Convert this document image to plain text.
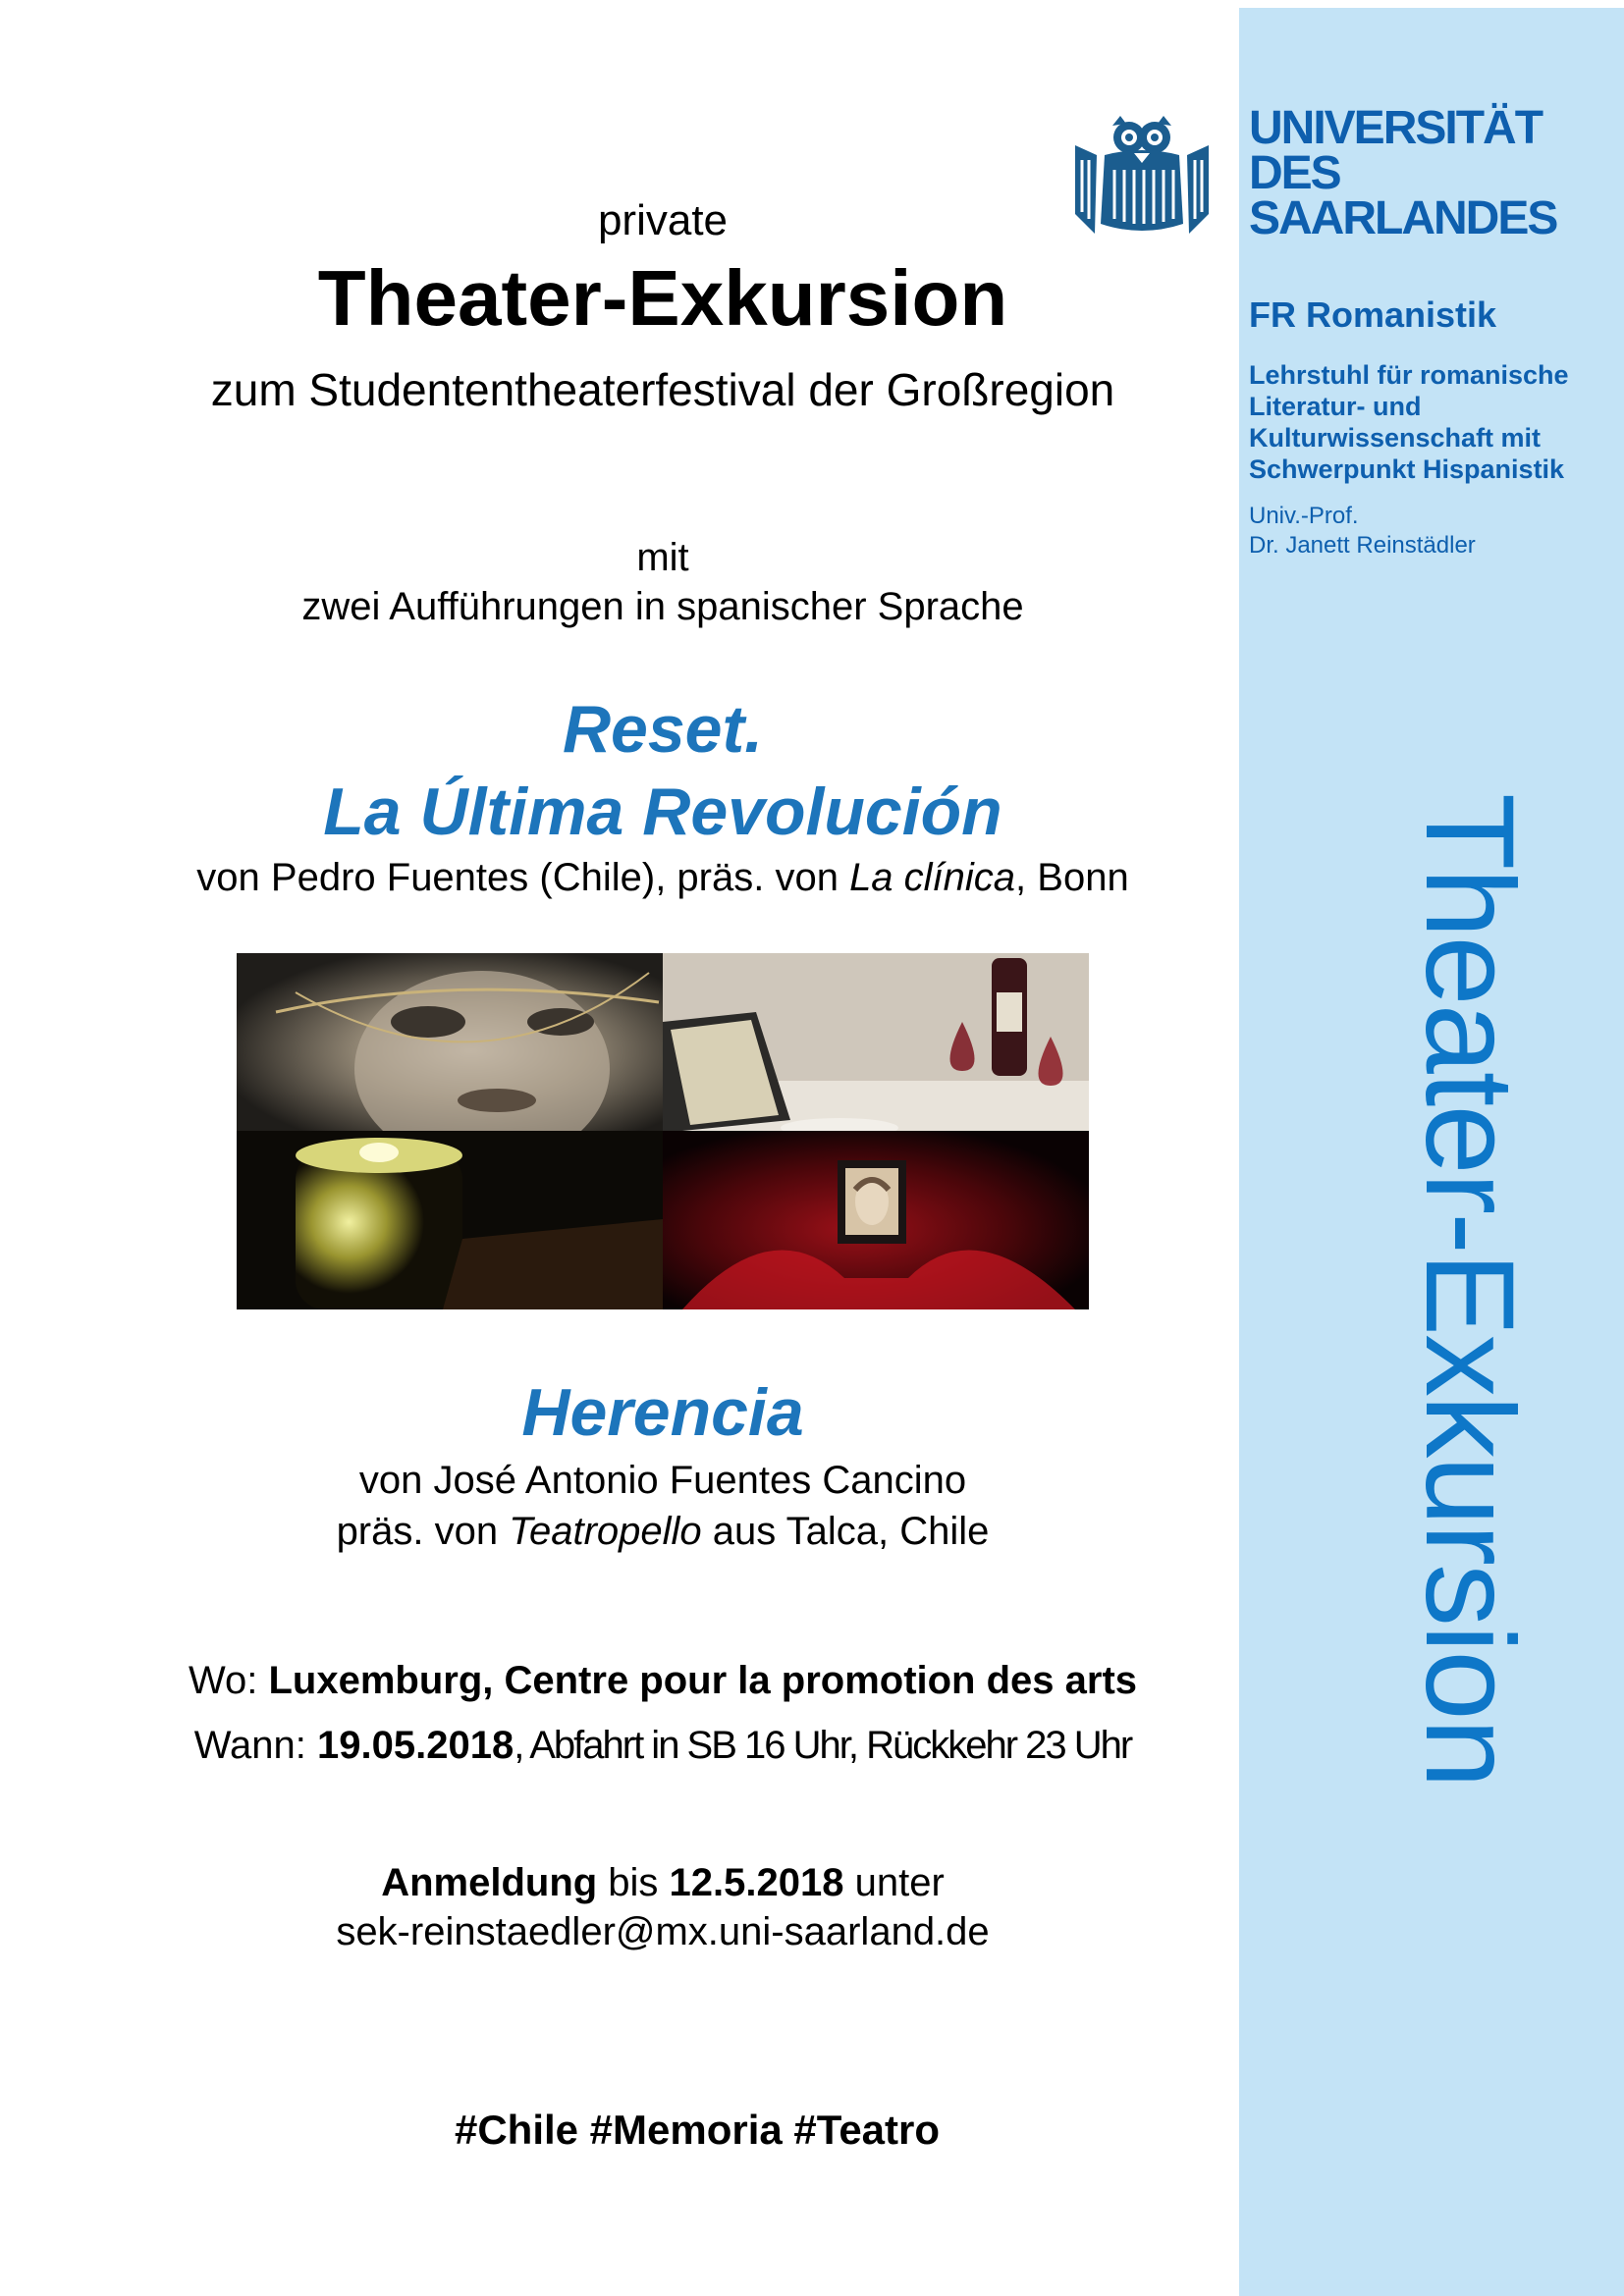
private
Theater-Exkursion
zum Studententheaterfestival der Großregion
mit
zwei Aufführungen in spanischer Sprache
Reset.
La Última Revolución
von Pedro Fuentes (Chile), präs. von La clínica, Bonn
Herencia
von José Antonio Fuentes Cancino
präs. von Teatropello aus Talca, Chile
Wo: Luxemburg, Centre pour la promotion des arts
Wann: 19.05.2018, Abfahrt in SB 16 Uhr, Rückkehr 23 Uhr
Anmeldung bis 12.5.2018 unter
sek-reinstaedler@mx.uni-saarland.de
#Chile #Memoria #Teatro
UNIVERSITÄT
DES
SAARLANDES
FR Romanistik
Lehrstuhl für romanische
Literatur- und
Kulturwissenschaft mit
Schwerpunkt Hispanistik
Univ.-Prof.
Dr. Janett Reinstädler
Theater-Exkursion
